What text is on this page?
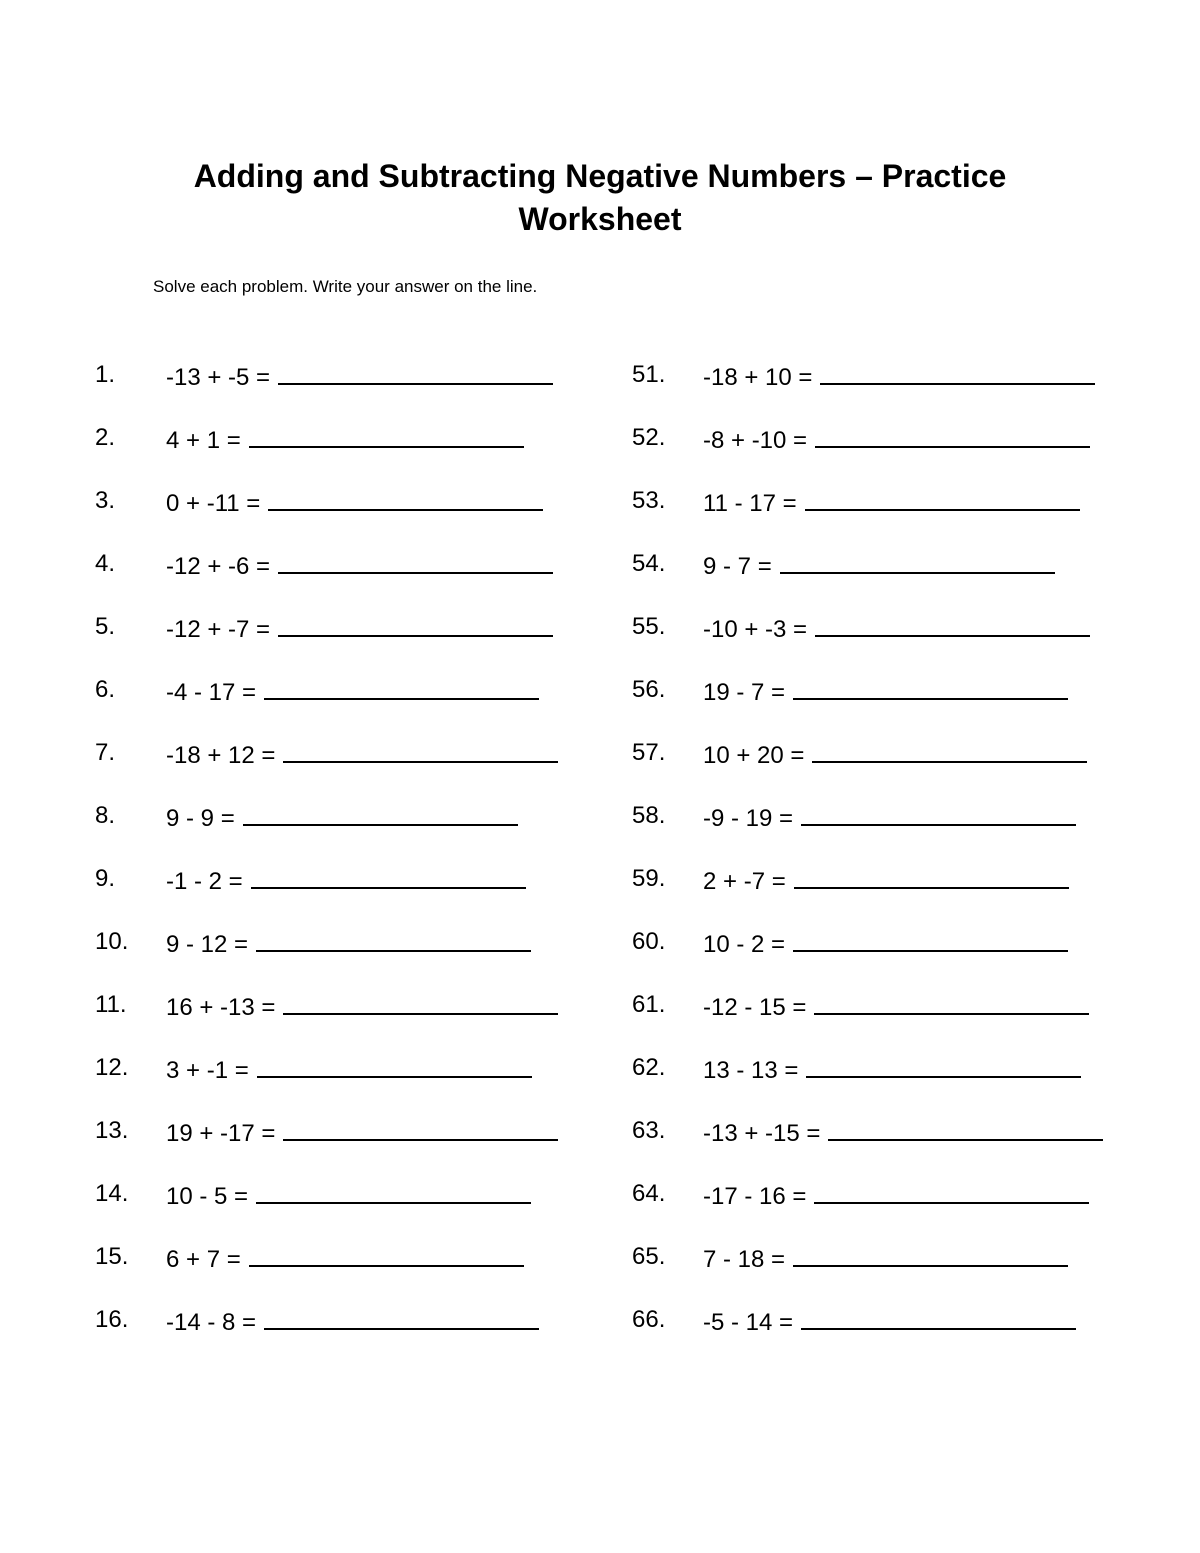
Adding and Subtracting Negative Numbers – Practice Worksheet

Solve each problem. Write your answer on the line.

1. -13 + -5 =
2. 4 + 1 =
3. 0 + -11 =
4. -12 + -6 =
5. -12 + -7 =
6. -4 - 17 =
7. -18 + 12 =
8. 9 - 9 =
9. -1 - 2 =
10. 9 - 12 =
11. 16 + -13 =
12. 3 + -1 =
13. 19 + -17 =
14. 10 - 5 =
15. 6 + 7 =
16. -14 - 8 =
51. -18 + 10 =
52. -8 + -10 =
53. 11 - 17 =
54. 9 - 7 =
55. -10 + -3 =
56. 19 - 7 =
57. 10 + 20 =
58. -9 - 19 =
59. 2 + -7 =
60. 10 - 2 =
61. -12 - 15 =
62. 13 - 13 =
63. -13 + -15 =
64. -17 - 16 =
65. 7 - 18 =
66. -5 - 14 =
